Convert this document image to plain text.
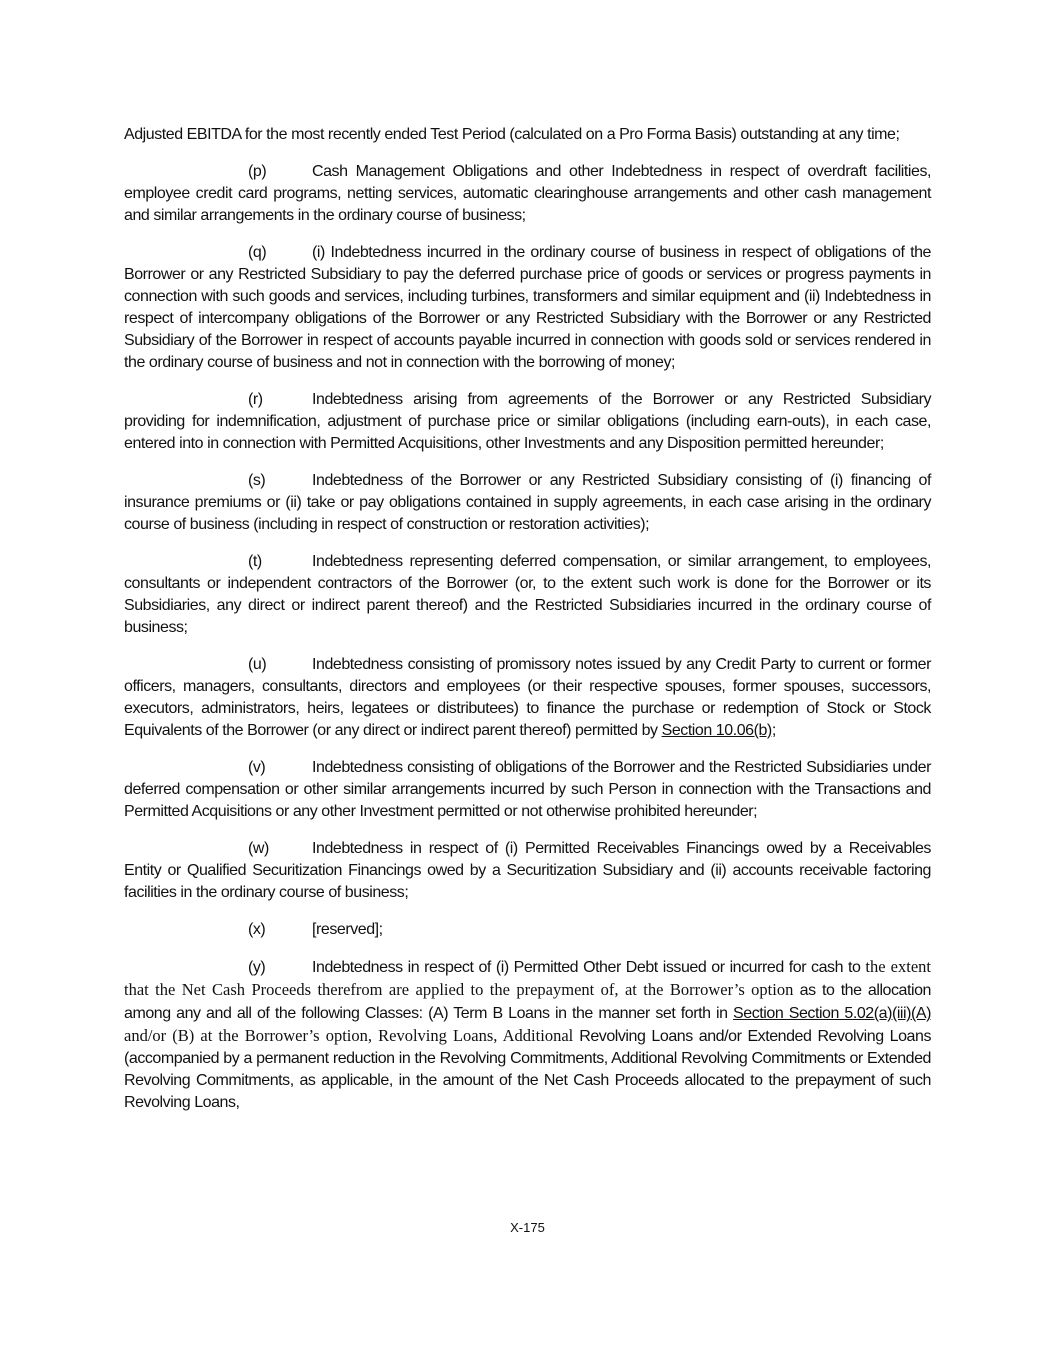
Adjusted EBITDA for the most recently ended Test Period (calculated on a Pro Forma Basis) outstanding at any time;

(p)	Cash Management Obligations and other Indebtedness in respect of overdraft facilities, employee credit card programs, netting services, automatic clearinghouse arrangements and other cash management and similar arrangements in the ordinary course of business;

(q)	(i) Indebtedness incurred in the ordinary course of business in respect of obligations of the Borrower or any Restricted Subsidiary to pay the deferred purchase price of goods or services or progress payments in connection with such goods and services, including turbines, transformers and similar equipment and (ii) Indebtedness in respect of intercompany obligations of the Borrower or any Restricted Subsidiary with the Borrower or any Restricted Subsidiary of the Borrower in respect of accounts payable incurred in connection with goods sold or services rendered in the ordinary course of business and not in connection with the borrowing of money;

(r)	Indebtedness arising from agreements of the Borrower or any Restricted Subsidiary providing for indemnification, adjustment of purchase price or similar obligations (including earn-outs), in each case, entered into in connection with Permitted Acquisitions, other Investments and any Disposition permitted hereunder;

(s)	Indebtedness of the Borrower or any Restricted Subsidiary consisting of (i) financing of insurance premiums or (ii) take or pay obligations contained in supply agreements, in each case arising in the ordinary course of business (including in respect of construction or restoration activities);

(t)	Indebtedness representing deferred compensation, or similar arrangement, to employees, consultants or independent contractors of the Borrower (or, to the extent such work is done for the Borrower or its Subsidiaries, any direct or indirect parent thereof) and the Restricted Subsidiaries incurred in the ordinary course of business;

(u)	Indebtedness consisting of promissory notes issued by any Credit Party to current or former officers, managers, consultants, directors and employees (or their respective spouses, former spouses, successors, executors, administrators, heirs, legatees or distributees) to finance the purchase or redemption of Stock or Stock Equivalents of the Borrower (or any direct or indirect parent thereof) permitted by Section 10.06(b);

(v)	Indebtedness consisting of obligations of the Borrower and the Restricted Subsidiaries under deferred compensation or other similar arrangements incurred by such Person in connection with the Transactions and Permitted Acquisitions or any other Investment permitted or not otherwise prohibited hereunder;

(w)	Indebtedness in respect of (i) Permitted Receivables Financings owed by a Receivables Entity or Qualified Securitization Financings owed by a Securitization Subsidiary and (ii) accounts receivable factoring facilities in the ordinary course of business;

(x)	[reserved];

(y)	Indebtedness in respect of (i) Permitted Other Debt issued or incurred for cash to the extent that the Net Cash Proceeds therefrom are applied to the prepayment of, at the Borrower’s option as to the allocation among any and all of the following Classes: (A) Term B Loans in the manner set forth in Section Section 5.02(a)(iii)(A) and/or (B) at the Borrower’s option, Revolving Loans, Additional Revolving Loans and/or Extended Revolving Loans (accompanied by a permanent reduction in the Revolving Commitments, Additional Revolving Commitments or Extended Revolving Commitments, as applicable, in the amount of the Net Cash Proceeds allocated to the prepayment of such Revolving Loans,

X-175
